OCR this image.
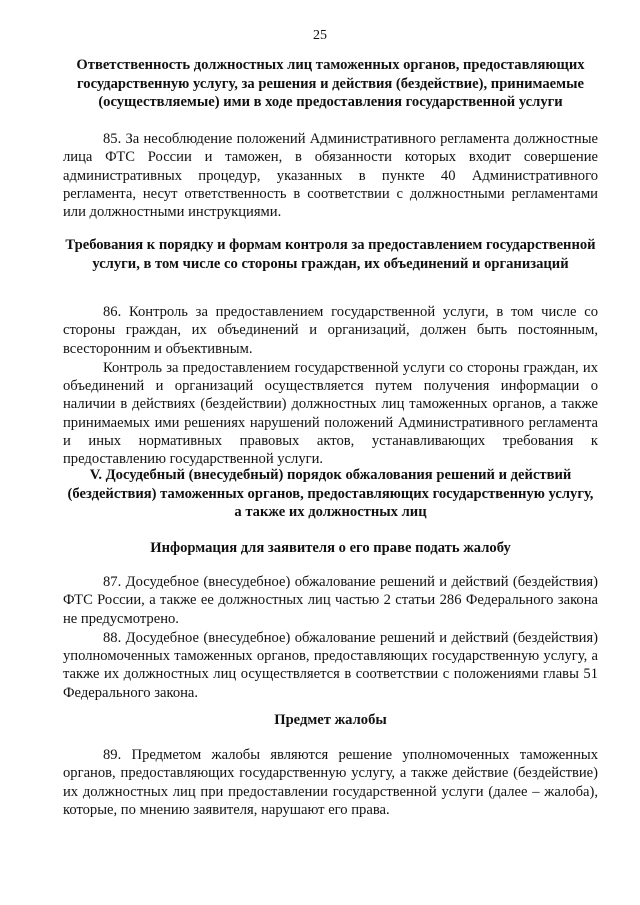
25
Ответственность должностных лиц таможенных органов, предоставляющих государственную услугу, за решения и действия (бездействие), принимаемые (осуществляемые) ими в ходе предоставления государственной услуги
85. За несоблюдение положений Административного регламента должностные лица ФТС России и таможен, в обязанности которых входит совершение административных процедур, указанных в пункте 40 Административного регламента, несут ответственность в соответствии с должностными регламентами или должностными инструкциями.
Требования к порядку и формам контроля за предоставлением государственной услуги, в том числе со стороны граждан, их объединений и организаций
86. Контроль за предоставлением государственной услуги, в том числе со стороны граждан, их объединений и организаций, должен быть постоянным, всесторонним и объективным.
Контроль за предоставлением государственной услуги со стороны граждан, их объединений и организаций осуществляется путем получения информации о наличии в действиях (бездействии) должностных лиц таможенных органов, а также принимаемых ими решениях нарушений положений Административного регламента и иных нормативных правовых актов, устанавливающих требования к предоставлению государственной услуги.
V. Досудебный (внесудебный) порядок обжалования решений и действий (бездействия) таможенных органов, предоставляющих государственную услугу, а также их должностных лиц
Информация для заявителя о его праве подать жалобу
87. Досудебное (внесудебное) обжалование решений и действий (бездействия) ФТС России, а также ее должностных лиц частью 2 статьи 286 Федерального закона не предусмотрено.
88. Досудебное (внесудебное) обжалование решений и действий (бездействия) уполномоченных таможенных органов, предоставляющих государственную услугу, а также их должностных лиц осуществляется в соответствии с положениями главы 51 Федерального закона.
Предмет жалобы
89. Предметом жалобы являются решение уполномоченных таможенных органов, предоставляющих государственную услугу, а также действие (бездействие) их должностных лиц при предоставлении государственной услуги (далее – жалоба), которые, по мнению заявителя, нарушают его права.
